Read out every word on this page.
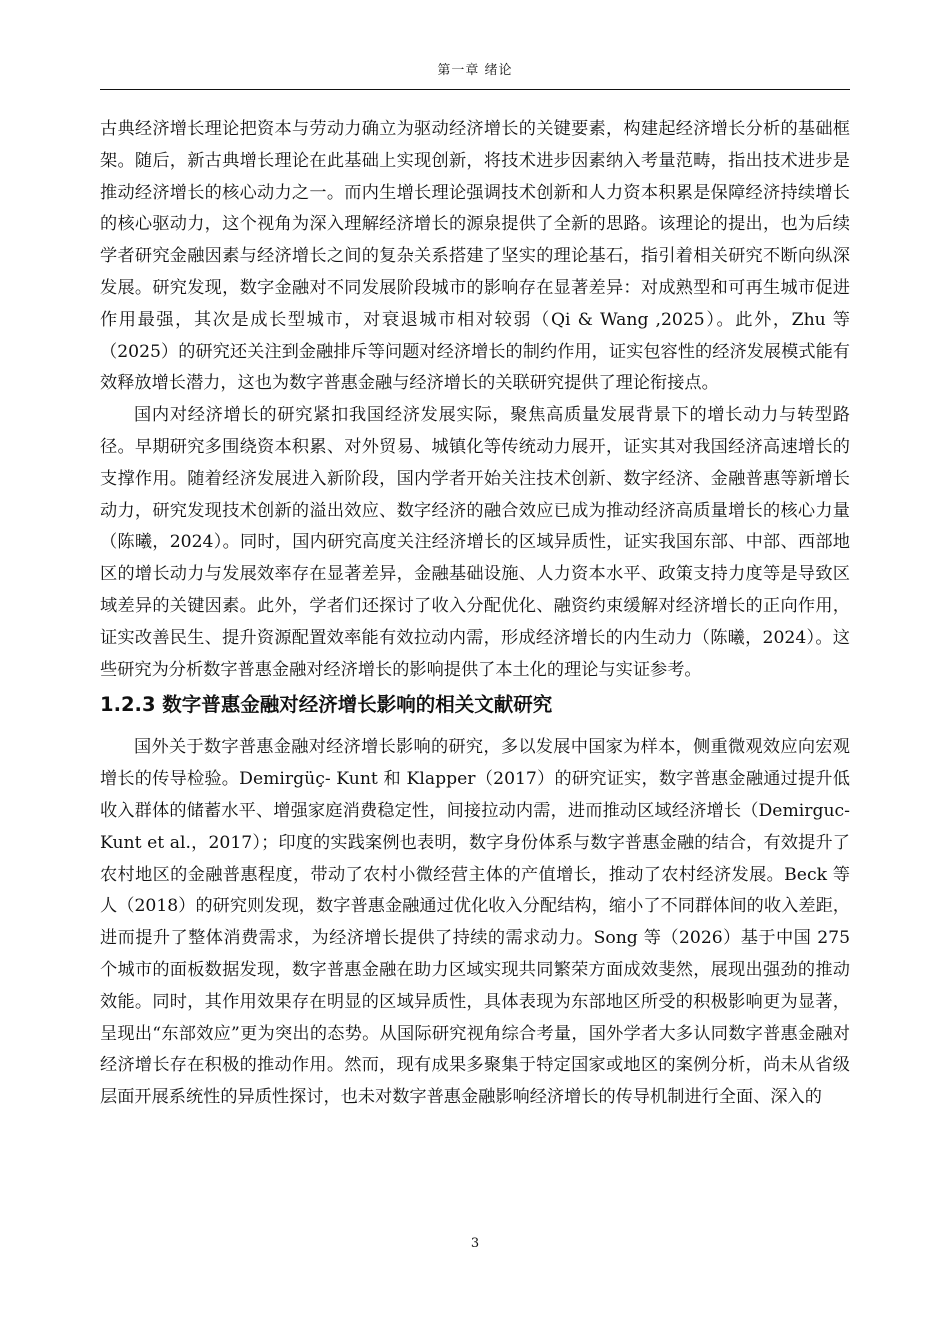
第一章 绪论

古典经济增长理论把资本与劳动力确立为驱动经济增长的关键要素，构建起经济增长分析的基础框架。随后，新古典增长理论在此基础上实现创新，将技术进步因素纳入考量范畴，指出技术进步是推动经济增长的核心动力之一。而内生增长理论强调技术创新和人力资本积累是保障经济持续增长的核心驱动力，这个视角为深入理解经济增长的源泉提供了全新的思路。该理论的提出，也为后续学者研究金融因素与经济增长之间的复杂关系搭建了坚实的理论基石，指引着相关研究不断向纵深发展。研究发现，数字金融对不同发展阶段城市的影响存在显著差异：对成熟型和可再生城市促进作用最强，其次是成长型城市，对衰退城市相对较弱（Qi & Wang ,2025）。此外，Zhu 等（2025）的研究还关注到金融排斥等问题对经济增长的制约作用，证实包容性的经济发展模式能有效释放增长潜力，这也为数字普惠金融与经济增长的关联研究提供了理论衔接点。

国内对经济增长的研究紧扣我国经济发展实际，聚焦高质量发展背景下的增长动力与转型路径。早期研究多围绕资本积累、对外贸易、城镇化等传统动力展开，证实其对我国经济高速增长的支撑作用。随着经济发展进入新阶段，国内学者开始关注技术创新、数字经济、金融普惠等新增长动力，研究发现技术创新的溢出效应、数字经济的融合效应已成为推动经济高质量增长的核心力量（陈曦，2024）。同时，国内研究高度关注经济增长的区域异质性，证实我国东部、中部、西部地区的增长动力与发展效率存在显著差异，金融基础设施、人力资本水平、政策支持力度等是导致区域差异的关键因素。此外，学者们还探讨了收入分配优化、融资约束缓解对经济增长的正向作用，证实改善民生、提升资源配置效率能有效拉动内需，形成经济增长的内生动力（陈曦，2024）。这些研究为分析数字普惠金融对经济增长的影响提供了本土化的理论与实证参考。

1.2.3 数字普惠金融对经济增长影响的相关文献研究

国外关于数字普惠金融对经济增长影响的研究，多以发展中国家为样本，侧重微观效应向宏观增长的传导检验。Demirgüç- Kunt 和 Klapper（2017）的研究证实，数字普惠金融通过提升低收入群体的储蓄水平、增强家庭消费稳定性，间接拉动内需，进而推动区域经济增长（Demirguc-Kunt et al.，2017）；印度的实践案例也表明，数字身份体系与数字普惠金融的结合，有效提升了农村地区的金融普惠程度，带动了农村小微经营主体的产值增长，推动了农村经济发展。Beck 等人（2018）的研究则发现，数字普惠金融通过优化收入分配结构，缩小了不同群体间的收入差距，进而提升了整体消费需求，为经济增长提供了持续的需求动力。Song 等（2026）基于中国 275 个城市的面板数据发现，数字普惠金融在助力区域实现共同繁荣方面成效斐然，展现出强劲的推动效能。同时，其作用效果存在明显的区域异质性，具体表现为东部地区所受的积极影响更为显著，呈现出“东部效应”更为突出的态势。从国际研究视角综合考量，国外学者大多认同数字普惠金融对经济增长存在积极的推动作用。然而，现有成果多聚集于特定国家或地区的案例分析，尚未从省级层面开展系统性的异质性探讨，也未对数字普惠金融影响经济增长的传导机制进行全面、深入的

3
